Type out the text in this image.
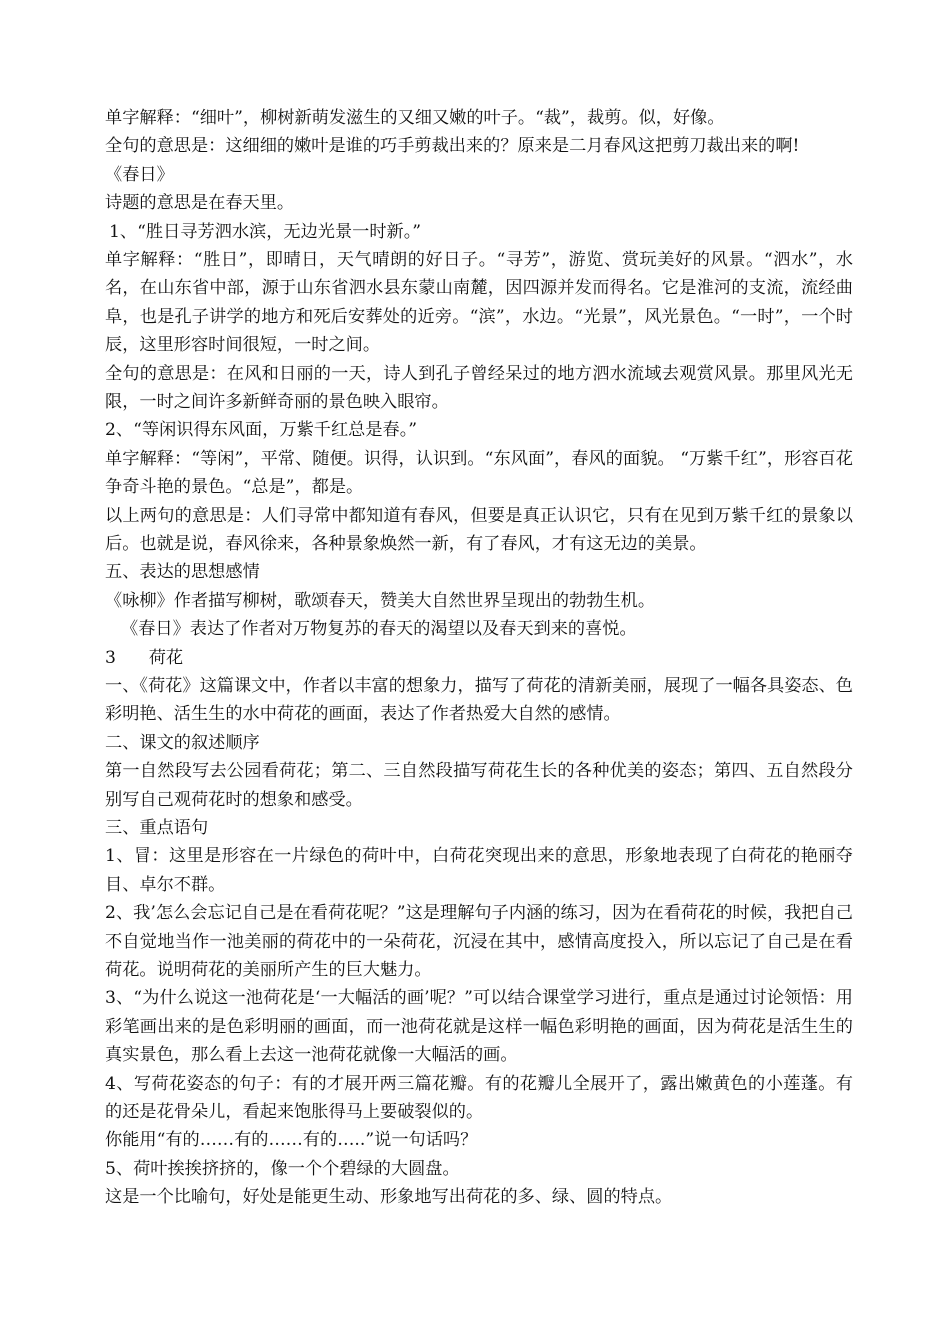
单字解释：“细叶”，柳树新萌发滋生的又细又嫩的叶子。“裁”，裁剪。似，好像。
全句的意思是：这细细的嫩叶是谁的巧手剪裁出来的？原来是二月春风这把剪刀裁出来的啊!
《春日》
诗题的意思是在春天里。
1、“胜日寻芳泗水滨，无边光景一时新。”
单字解释：“胜日”，即晴日，天气晴朗的好日子。“寻芳”，游览、赏玩美好的风景。“泗水”，水名，在山东省中部，源于山东省泗水县东蒙山南麓，因四源并发而得名。它是淮河的支流，流经曲阜，也是孔子讲学的地方和死后安葬处的近旁。“滨”，水边。“光景”，风光景色。“一时”，一个时辰，这里形容时间很短，一时之间。
全句的意思是：在风和日丽的一天，诗人到孔子曾经呆过的地方泗水流域去观赏风景。那里风光无限，一时之间许多新鲜奇丽的景色映入眼帘。
2、“等闲识得东风面，万紫千红总是春。”
单字解释：“等闲”，平常、随便。识得，认识到。“东风面”，春风的面貌。 “万紫千红”，形容百花争奇斗艳的景色。“总是”，都是。
以上两句的意思是：人们寻常中都知道有春风，但要是真正认识它，只有在见到万紫千红的景象以后。也就是说，春风徐来，各种景象焕然一新，有了春风，才有这无边的美景。
五、表达的思想感情
《咏柳》作者描写柳树，歌颂春天，赞美大自然世界呈现出的勃勃生机。
《春日》表达了作者对万物复苏的春天的渴望以及春天到来的喜悦。
3      荷花
一、《荷花》这篇课文中，作者以丰富的想象力，描写了荷花的清新美丽，展现了一幅各具姿态、色彩明艳、活生生的水中荷花的画面，表达了作者热爱大自然的感情。
二、课文的叙述顺序
第一自然段写去公园看荷花；第二、三自然段描写荷花生长的各种优美的姿态；第四、五自然段分别写自己观荷花时的想象和感受。
三、重点语句
1、冒：这里是形容在一片绿色的荷叶中，白荷花突现出来的意思，形象地表现了白荷花的艳丽夺目、卓尔不群。
2、我’怎么会忘记自己是在看荷花呢？”这是理解句子内涵的练习，因为在看荷花的时候，我把自己不自觉地当作一池美丽的荷花中的一朵荷花，沉浸在其中，感情高度投入，所以忘记了自己是在看荷花。说明荷花的美丽所产生的巨大魅力。
3、“为什么说这一池荷花是‘一大幅活的画’呢？”可以结合课堂学习进行，重点是通过讨论领悟：用彩笔画出来的是色彩明丽的画面，而一池荷花就是这样一幅色彩明艳的画面，因为荷花是活生生的真实景色，那么看上去这一池荷花就像一大幅活的画。
4、写荷花姿态的句子：有的才展开两三篇花瓣。有的花瓣儿全展开了，露出嫩黄色的小莲蓬。有的还是花骨朵儿，看起来饱胀得马上要破裂似的。
你能用“有的……有的……有的…..”说一句话吗？
5、荷叶挨挨挤挤的，像一个个碧绿的大圆盘。
这是一个比喻句，好处是能更生动、形象地写出荷花的多、绿、圆的特点。
